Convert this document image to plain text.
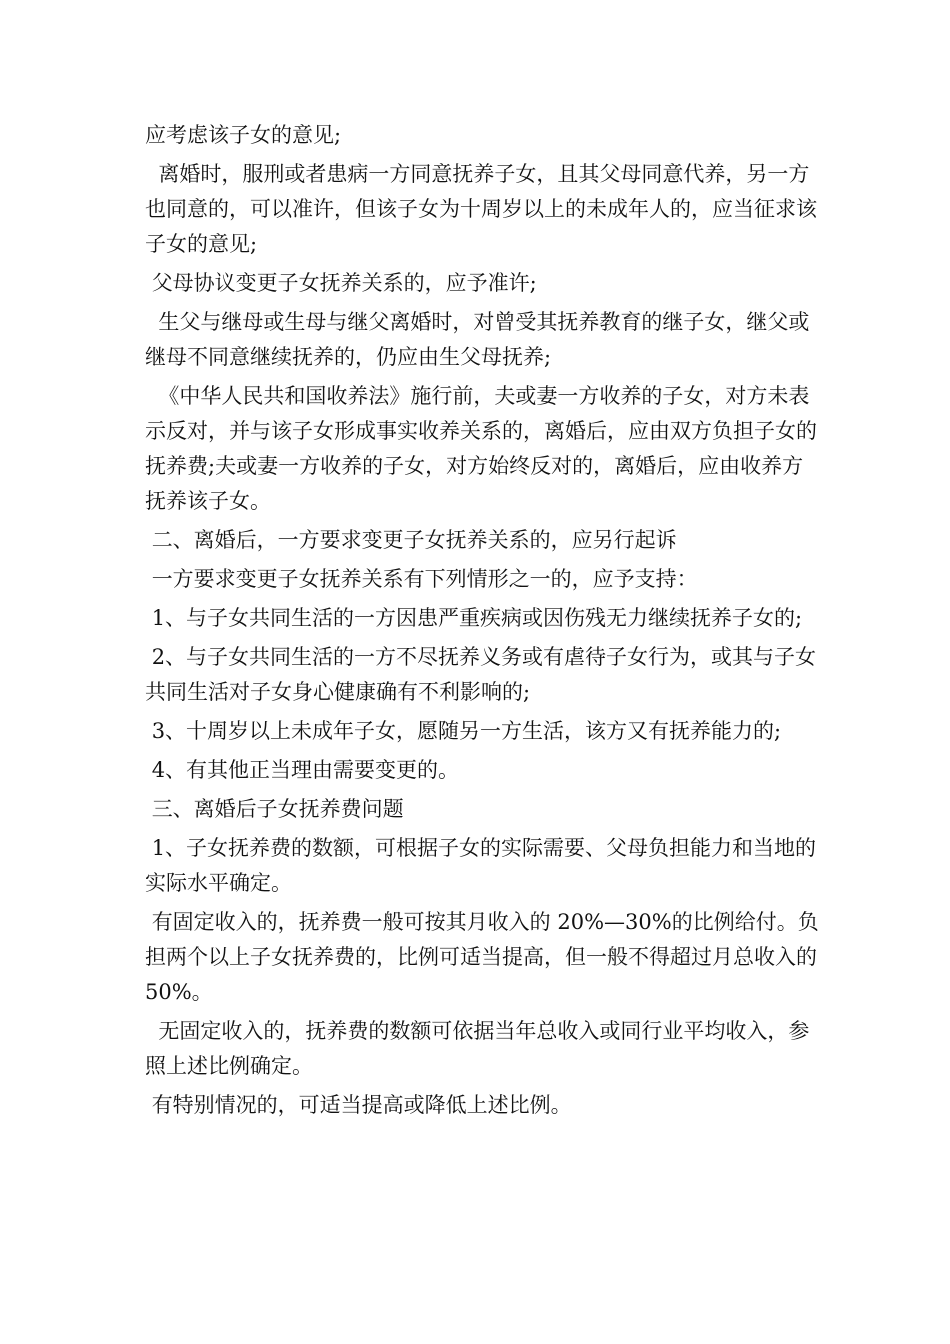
应考虑该子女的意见;

离婚时，服刑或者患病一方同意抚养子女，且其父母同意代养，另一方也同意的，可以准许，但该子女为十周岁以上的未成年人的，应当征求该子女的意见;

父母协议变更子女抚养关系的，应予准许;

生父与继母或生母与继父离婚时，对曾受其抚养教育的继子女，继父或继母不同意继续抚养的，仍应由生父母抚养;

《中华人民共和国收养法》施行前，夫或妻一方收养的子女，对方未表示反对，并与该子女形成事实收养关系的，离婚后，应由双方负担子女的抚养费;夫或妻一方收养的子女，对方始终反对的，离婚后，应由收养方抚养该子女。

二、离婚后，一方要求变更子女抚养关系的，应另行起诉

一方要求变更子女抚养关系有下列情形之一的，应予支持：

1、与子女共同生活的一方因患严重疾病或因伤残无力继续抚养子女的;

2、与子女共同生活的一方不尽抚养义务或有虐待子女行为，或其与子女共同生活对子女身心健康确有不利影响的;

3、十周岁以上未成年子女，愿随另一方生活，该方又有抚养能力的;

4、有其他正当理由需要变更的。

三、离婚后子女抚养费问题

1、子女抚养费的数额，可根据子女的实际需要、父母负担能力和当地的实际水平确定。

有固定收入的，抚养费一般可按其月收入的 20%—30%的比例给付。负担两个以上子女抚养费的，比例可适当提高，但一般不得超过月总收入的 50%。

无固定收入的，抚养费的数额可依据当年总收入或同行业平均收入，参照上述比例确定。

有特别情况的，可适当提高或降低上述比例。
